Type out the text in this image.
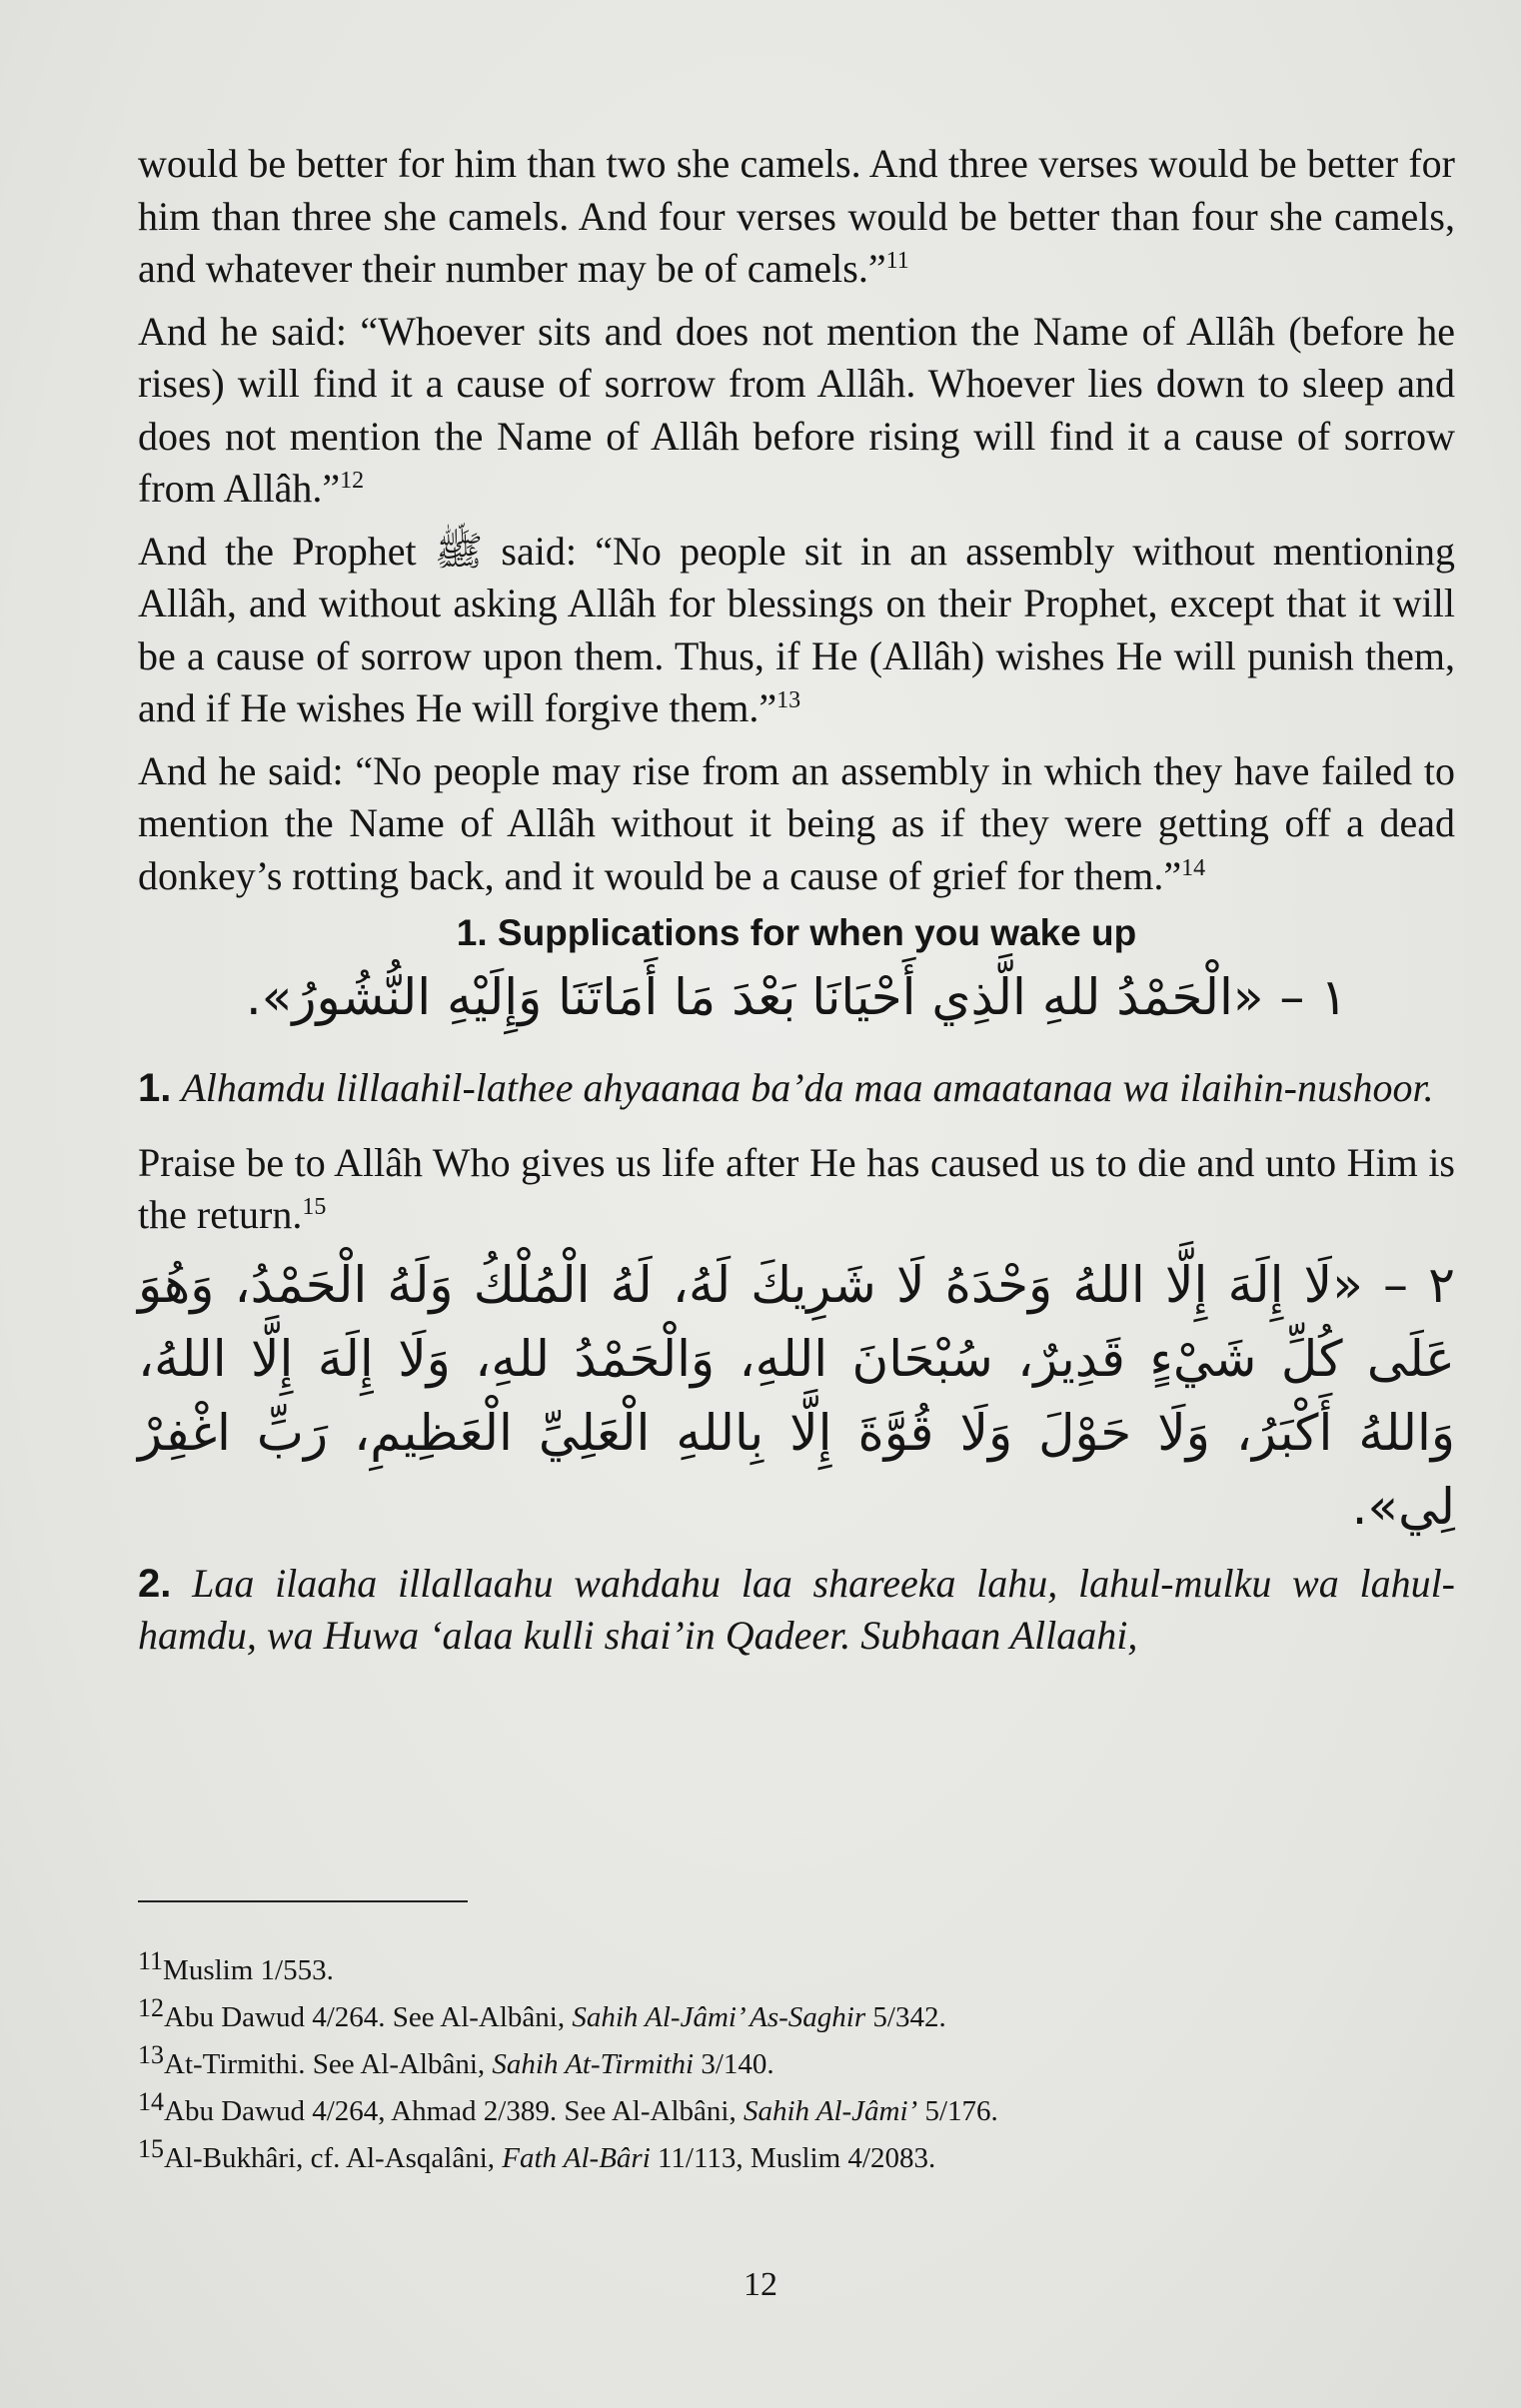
would be better for him than two she camels. And three verses would be better for him than three she camels. And four verses would be better than four she camels, and whatever their number may be of camels.”$^{11}$

And he said: “Whoever sits and does not mention the Name of Allâh (before he rises) will find it a cause of sorrow from Allâh. Whoever lies down to sleep and does not mention the Name of Allâh before rising will find it a cause of sorrow from Allâh.”$^{12}$

And the Prophet ﷺ said: “No people sit in an assembly without mentioning Allâh, and without asking Allâh for blessings on their Prophet, except that it will be a cause of sorrow upon them. Thus, if He (Allâh) wishes He will punish them, and if He wishes He will forgive them.”$^{13}$

And he said: “No people may rise from an assembly in which they have failed to mention the Name of Allâh without it being as if they were getting off a dead donkey’s rotting back, and it would be a cause of grief for them.”$^{14}$

1. Supplications for when you wake up

١ – «الْحَمْدُ للهِ الَّذِي أَحْيَانَا بَعْدَ مَا أَمَاتَنَا وَإِلَيْهِ النُّشُورُ».

1. Alhamdu lillaahil-lathee ahyaanaa ba’da maa amaatanaa wa ilaihin-nushoor.

Praise be to Allâh Who gives us life after He has caused us to die and unto Him is the return.$^{15}$

٢ – «لَا إِلَهَ إِلَّا اللهُ وَحْدَهُ لَا شَرِيكَ لَهُ، لَهُ الْمُلْكُ وَلَهُ الْحَمْدُ، وَهُوَ عَلَى كُلِّ شَيْءٍ قَدِيرٌ، سُبْحَانَ اللهِ، وَالْحَمْدُ للهِ، وَلَا إِلَهَ إِلَّا اللهُ، وَاللهُ أَكْبَرُ، وَلَا حَوْلَ وَلَا قُوَّةَ إِلَّا بِاللهِ الْعَلِيِّ الْعَظِيمِ، رَبِّ اغْفِرْ لِي».

2. Laa ilaaha illallaahu wahdahu laa shareeka lahu, lahul-mulku wa lahul-hamdu, wa Huwa ‘alaa kulli shai’in Qadeer. Subhaan Allaahi,

$^{11}$Muslim 1/553.

$^{12}$Abu Dawud 4/264. See Al-Albâni, Sahih Al-Jâmi’ As-Saghir 5/342.

$^{13}$At-Tirmithi. See Al-Albâni, Sahih At-Tirmithi 3/140.

$^{14}$Abu Dawud 4/264, Ahmad 2/389. See Al-Albâni, Sahih Al-Jâmi’ 5/176.

$^{15}$Al-Bukhâri, cf. Al-Asqalâni, Fath Al-Bâri 11/113, Muslim 4/2083.

12
